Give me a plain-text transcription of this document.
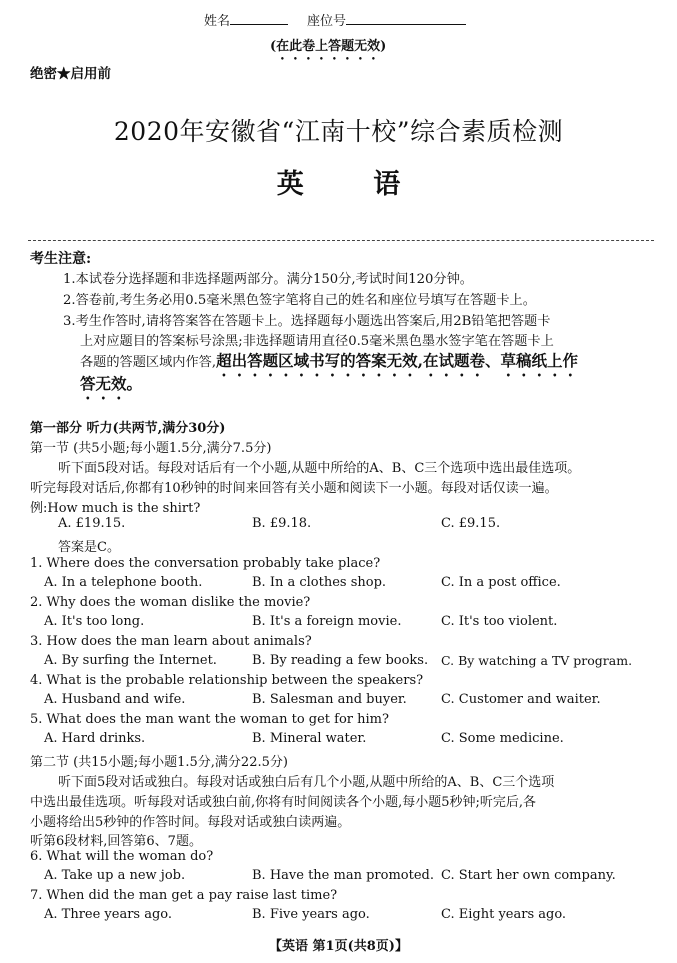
姓名	座位号
(在此卷上答题无效)
绝密★启用前
2020年安徽省“江南十校”综合素质检测
英 语
考生注意:
1.本试卷分选择题和非选择题两部分。满分150分,考试时间120分钟。
2.答卷前,考生务必用0.5毫米黑色签字笔将自己的姓名和座位号填写在答题卡上。
3.考生作答时,请将答案答在答题卡上。选择题每小题选出答案后,用2B铅笔把答题卡
上对应题目的答案标号涂黑;非选择题请用直径0.5毫米黑色墨水签字笔在答题卡上
各题的答题区域内作答,超出答题区域书写的答案无效,在试题卷、草稿纸上作
答无效。
第一部分 听力(共两节,满分30分)
第一节 (共5小题;每小题1.5分,满分7.5分)
听下面5段对话。每段对话后有一个小题,从题中所给的A、B、C三个选项中选出最佳选项。
听完每段对话后,你都有10秒钟的时间来回答有关小题和阅读下一小题。每段对话仅读一遍。
例:How much is the shirt?
A. £19.15.	B. £9.18.	C. £9.15.
答案是C。
1. Where does the conversation probably take place?
A. In a telephone booth.	B. In a clothes shop.	C. In a post office.
2. Why does the woman dislike the movie?
A. It's too long.	B. It's a foreign movie.	C. It's too violent.
3. How does the man learn about animals?
A. By surfing the Internet.	B. By reading a few books. C. By watching a TV program.
4. What is the probable relationship between the speakers?
A. Husband and wife.	B. Salesman and buyer.	C. Customer and waiter.
5. What does the man want the woman to get for him?
A. Hard drinks.	B. Mineral water.	C. Some medicine.
第二节 (共15小题;每小题1.5分,满分22.5分)
听下面5段对话或独白。每段对话或独白后有几个小题,从题中所给的A、B、C三个选项
中选出最佳选项。听每段对话或独白前,你将有时间阅读各个小题,每小题5秒钟;听完后,各
小题将给出5秒钟的作答时间。每段对话或独白读两遍。
听第6段材料,回答第6、7题。
6. What will the woman do?
A. Take up a new job.	B. Have the man promoted. C. Start her own company.
7. When did the man get a pay raise last time?
A. Three years ago.	B. Five years ago.	C. Eight years ago.
【英语 第1页(共8页)】
